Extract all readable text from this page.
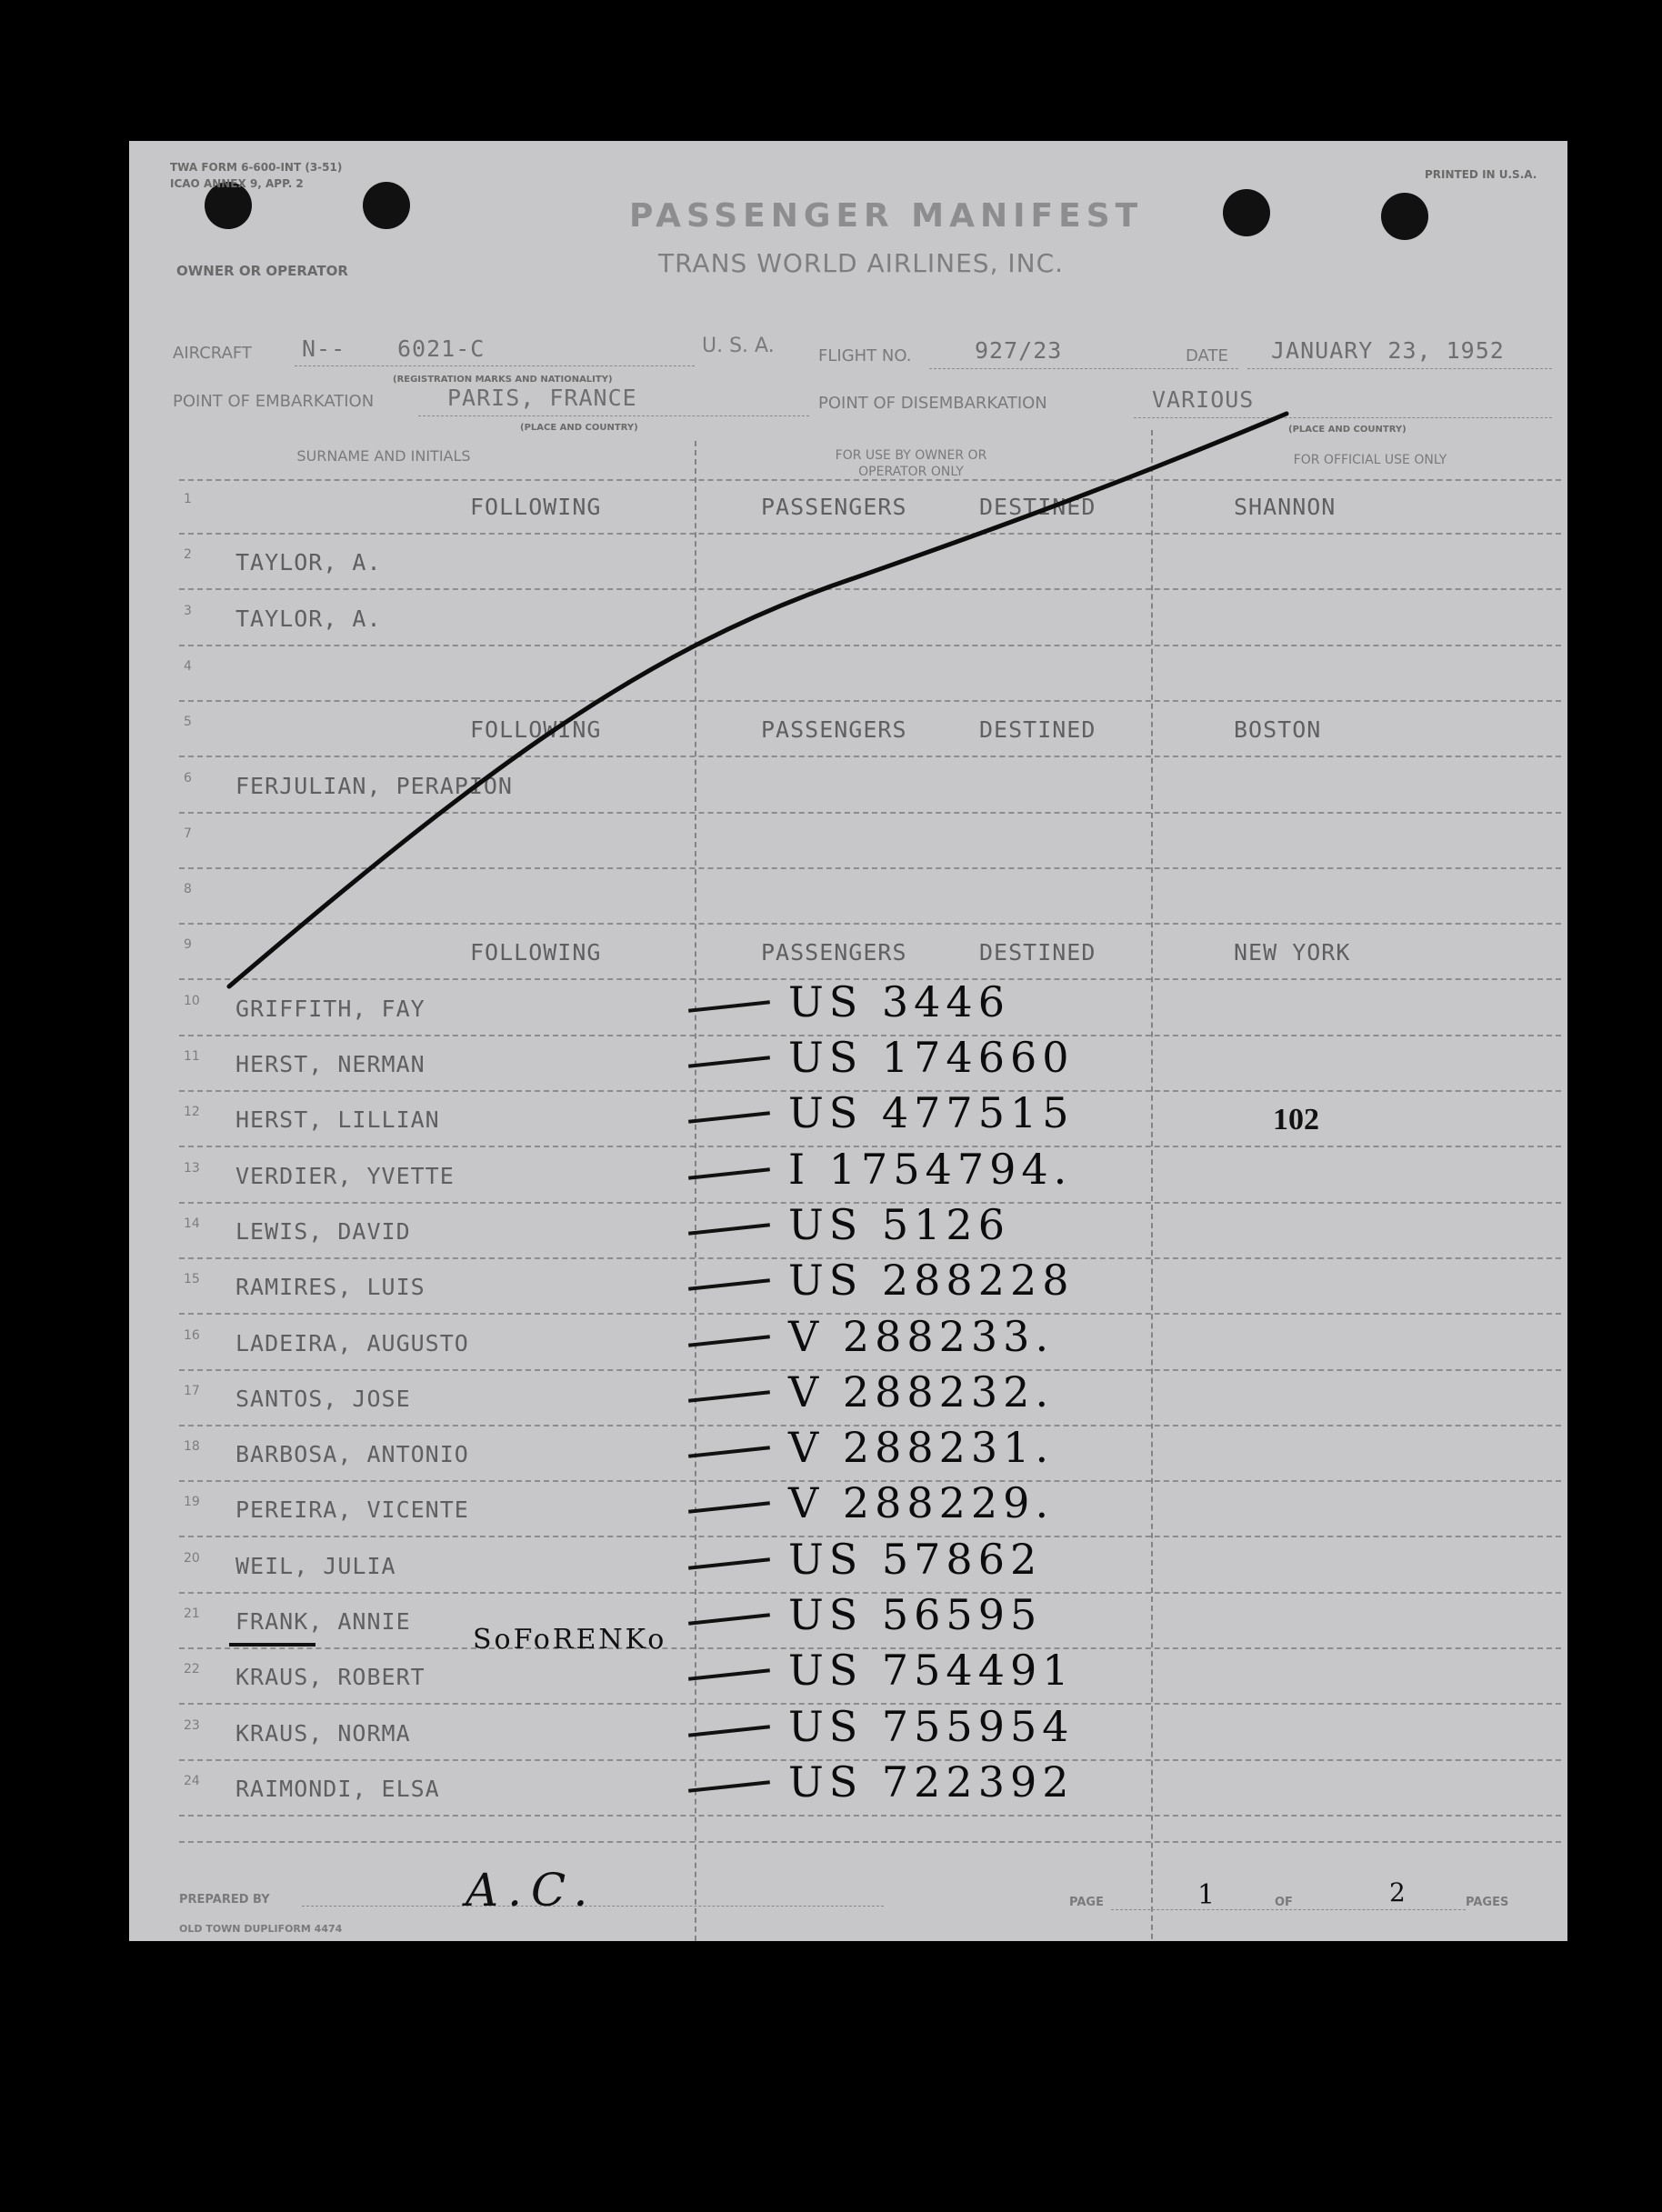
TWA FORM 6-600-INT (3-51)
ICAO ANNEX 9, APP. 2
PRINTED IN U.S.A.
PASSENGER MANIFEST
TRANS WORLD AIRLINES, INC.
OWNER OR OPERATOR
AIRCRAFT N-- 6021-C
(REGISTRATION MARKS AND NATIONALITY)
U. S. A.	FLIGHT NO.	927/23	DATE JANUARY 23, 1952
POINT OF EMBARKATION	PARIS, FRANCE
(PLACE AND COUNTRY)
POINT OF DISEMBARKATION	VARIOUS
(PLACE AND COUNTRY)
SURNAME AND INITIALS	FOR USE BY OWNER OR OPERATOR ONLY
FOR OFFICIAL USE ONLY
1	FOLLOWING	PASSENGERS	DESTINED	SHANNON
2 TAYLOR, A.
3 TAYLOR, A.
4
5	FOLLOWING	PASSENGERS	DESTINED	BOSTON
6 FERJULIAN, PERAPION
7
8
9	FOLLOWING	PASSENGERS	DESTINED	NEW YORK
10 GRIFFITH, FAY	US 3446
11 HERST, NERMAN	US 174660
12 HERST, LILLIAN	US 477515
13 VERDIER, YVETTE	I 1754794.
14 LEWIS, DAVID	US 5126
15 RAMIRES, LUIS	US 288228
16 LADEIRA, AUGUSTO	V 288233.
17 SANTOS, JOSE	V 288232.
18 BARBOSA, ANTONIO	V 288231.
19 PEREIRA, VICENTE	V 288229.
20 WEIL, JULIA	US 57862
21 FRANK, ANNIE	US 56595
22 KRAUS, ROBERT	US 754491
23 KRAUS, NORMA	US 755954
24 RAIMONDI, ELSA	US 722392
SoFoRENKo
102
PREPARED BY	A.C.	PAGE	1	OF	2	PAGES
OLD TOWN DUPLIFORM 4474
